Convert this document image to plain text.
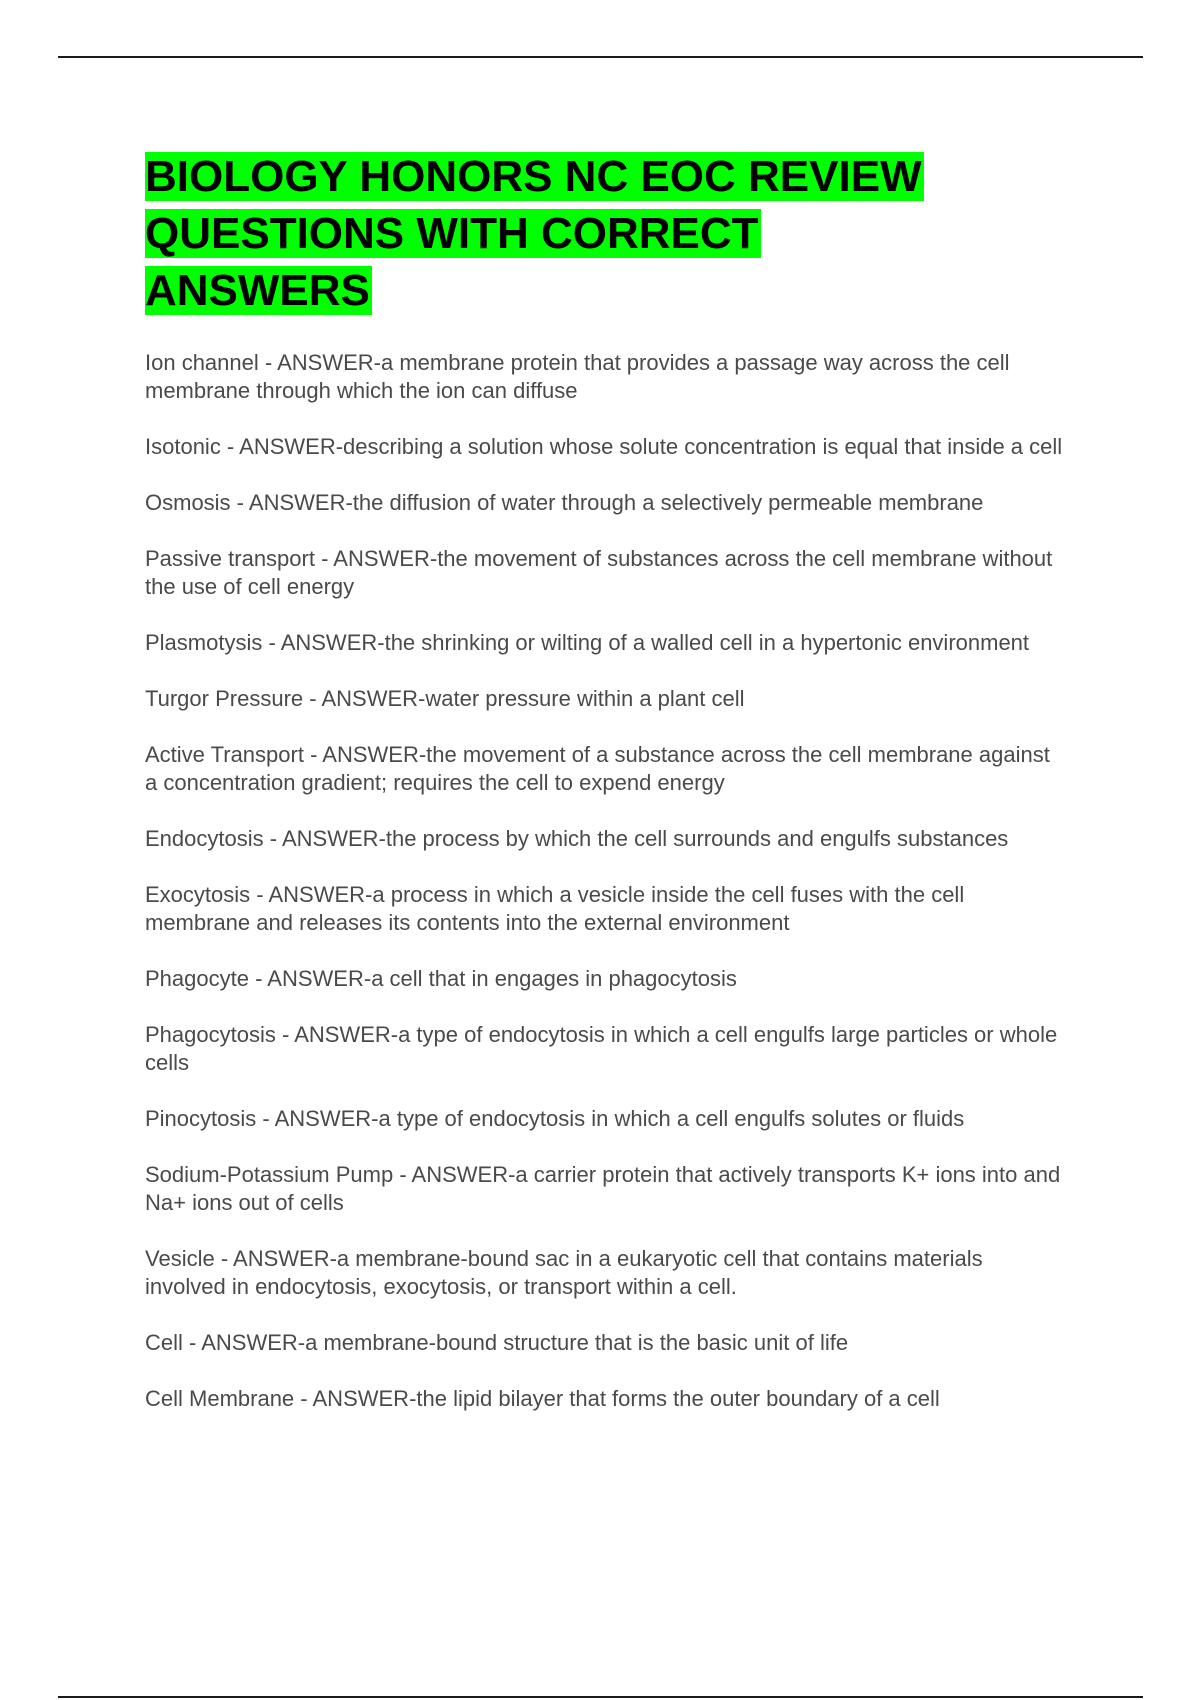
BIOLOGY HONORS NC EOC REVIEW
QUESTIONS WITH CORRECT
ANSWERS
Ion channel - ANSWER-a membrane protein that provides a passage way across the cell membrane through which the ion can diffuse
Isotonic - ANSWER-describing a solution whose solute concentration is equal that inside a cell
Osmosis - ANSWER-the diffusion of water through a selectively permeable membrane
Passive transport - ANSWER-the movement of substances across the cell membrane without the use of cell energy
Plasmotysis - ANSWER-the shrinking or wilting of a walled cell in a hypertonic environment
Turgor Pressure - ANSWER-water pressure within a plant cell
Active Transport - ANSWER-the movement of a substance across the cell membrane against a concentration gradient; requires the cell to expend energy
Endocytosis - ANSWER-the process by which the cell surrounds and engulfs substances
Exocytosis - ANSWER-a process in which a vesicle inside the cell fuses with the cell membrane and releases its contents into the external environment
Phagocyte - ANSWER-a cell that in engages in phagocytosis
Phagocytosis - ANSWER-a type of endocytosis in which a cell engulfs large particles or whole cells
Pinocytosis - ANSWER-a type of endocytosis in which a cell engulfs solutes or fluids
Sodium-Potassium Pump - ANSWER-a carrier protein that actively transports K+ ions into and Na+ ions out of cells
Vesicle - ANSWER-a membrane-bound sac in a eukaryotic cell that contains materials involved in endocytosis, exocytosis, or transport within a cell.
Cell - ANSWER-a membrane-bound structure that is the basic unit of life
Cell Membrane - ANSWER-the lipid bilayer that forms the outer boundary of a cell
